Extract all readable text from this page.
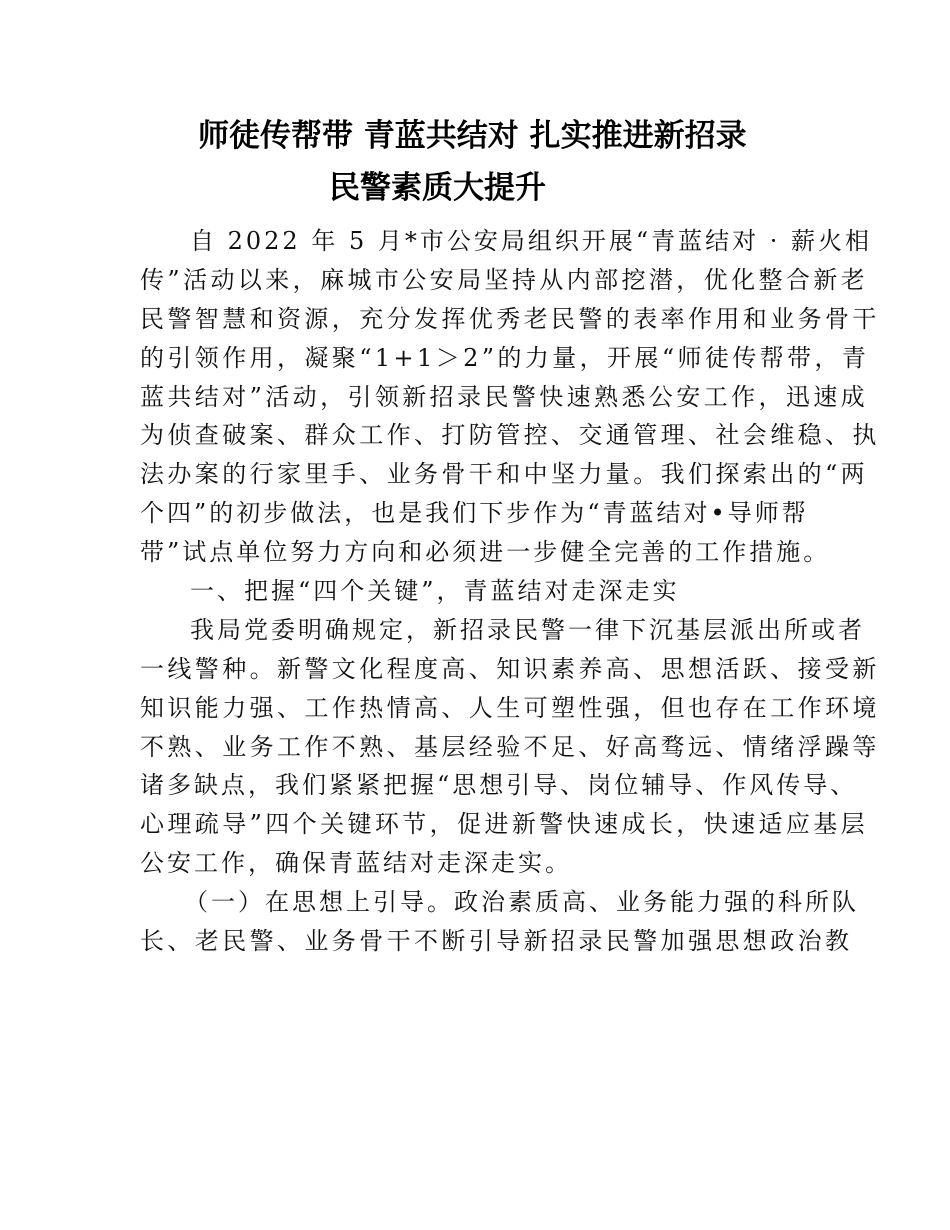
师徒传帮带 青蓝共结对 扎实推进新招录
民警素质大提升
自 2022 年 5 月*市公安局组织开展“青蓝结对 · 薪火相
传”活动以来，麻城市公安局坚持从内部挖潜，优化整合新老
民警智慧和资源，充分发挥优秀老民警的表率作用和业务骨干
的引领作用，凝聚“1+1＞2”的力量，开展“师徒传帮带，青
蓝共结对”活动，引领新招录民警快速熟悉公安工作，迅速成
为侦查破案、群众工作、打防管控、交通管理、社会维稳、执
法办案的行家里手、业务骨干和中坚力量。我们探索出的“两
个四”的初步做法，也是我们下步作为“青蓝结对•导师帮
带”试点单位努力方向和必须进一步健全完善的工作措施。
一、把握“四个关键”，青蓝结对走深走实
我局党委明确规定，新招录民警一律下沉基层派出所或者
一线警种。新警文化程度高、知识素养高、思想活跃、接受新
知识能力强、工作热情高、人生可塑性强，但也存在工作环境
不熟、业务工作不熟、基层经验不足、好高骛远、情绪浮躁等
诸多缺点，我们紧紧把握“思想引导、岗位辅导、作风传导、
心理疏导”四个关键环节，促进新警快速成长，快速适应基层
公安工作，确保青蓝结对走深走实。
（一）在思想上引导。政治素质高、业务能力强的科所队
长、老民警、业务骨干不断引导新招录民警加强思想政治教
